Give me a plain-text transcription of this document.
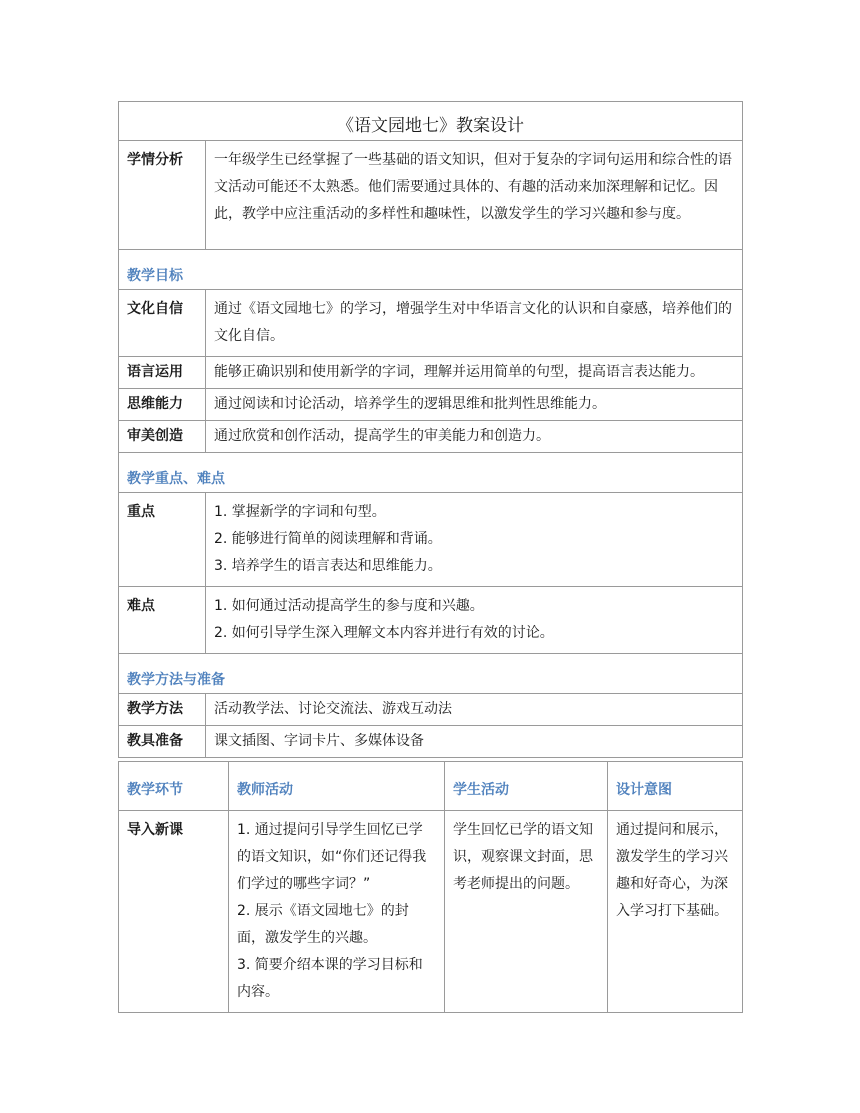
《语文园地七》教案设计	
学情分析	一年级学生已经掌握了一些基础的语文知识，但对于复杂的字词句运用和综合性的语文活动可能还不太熟悉。他们需要通过具体的、有趣的活动来加深理解和记忆。因此，教学中应注重活动的多样性和趣味性，以激发学生的学习兴趣和参与度。
教学目标	
文化自信	通过《语文园地七》的学习，增强学生对中华语言文化的认识和自豪感，培养他们的文化自信。
语言运用	能够正确识别和使用新学的字词，理解并运用简单的句型，提高语言表达能力。
思维能力	通过阅读和讨论活动，培养学生的逻辑思维和批判性思维能力。
审美创造	通过欣赏和创作活动，提高学生的审美能力和创造力。
教学重点、难点	
重点	1. 掌握新学的字词和句型。
2. 能够进行简单的阅读理解和背诵。
3. 培养学生的语言表达和思维能力。

难点	1. 如何通过活动提高学生的参与度和兴趣。
2. 如何引导学生深入理解文本内容并进行有效的讨论。

教学方法与准备	
教学方法	活动教学法、讨论交流法、游戏互动法
教具准备	课文插图、字词卡片、多媒体设备
教学环节	教师活动	学生活动	设计意图
导入新课	1. 通过提问引导学生回忆已学的语文知识，如“你们还记得我们学过的哪些字词？”
2. 展示《语文园地七》的封面，激发学生的兴趣。
3. 简要介绍本课的学习目标和内容。	学生回忆已学的语文知识，观察课文封面，思考老师提出的问题。	通过提问和展示，激发学生的学习兴趣和好奇心，为深入学习打下基础。
